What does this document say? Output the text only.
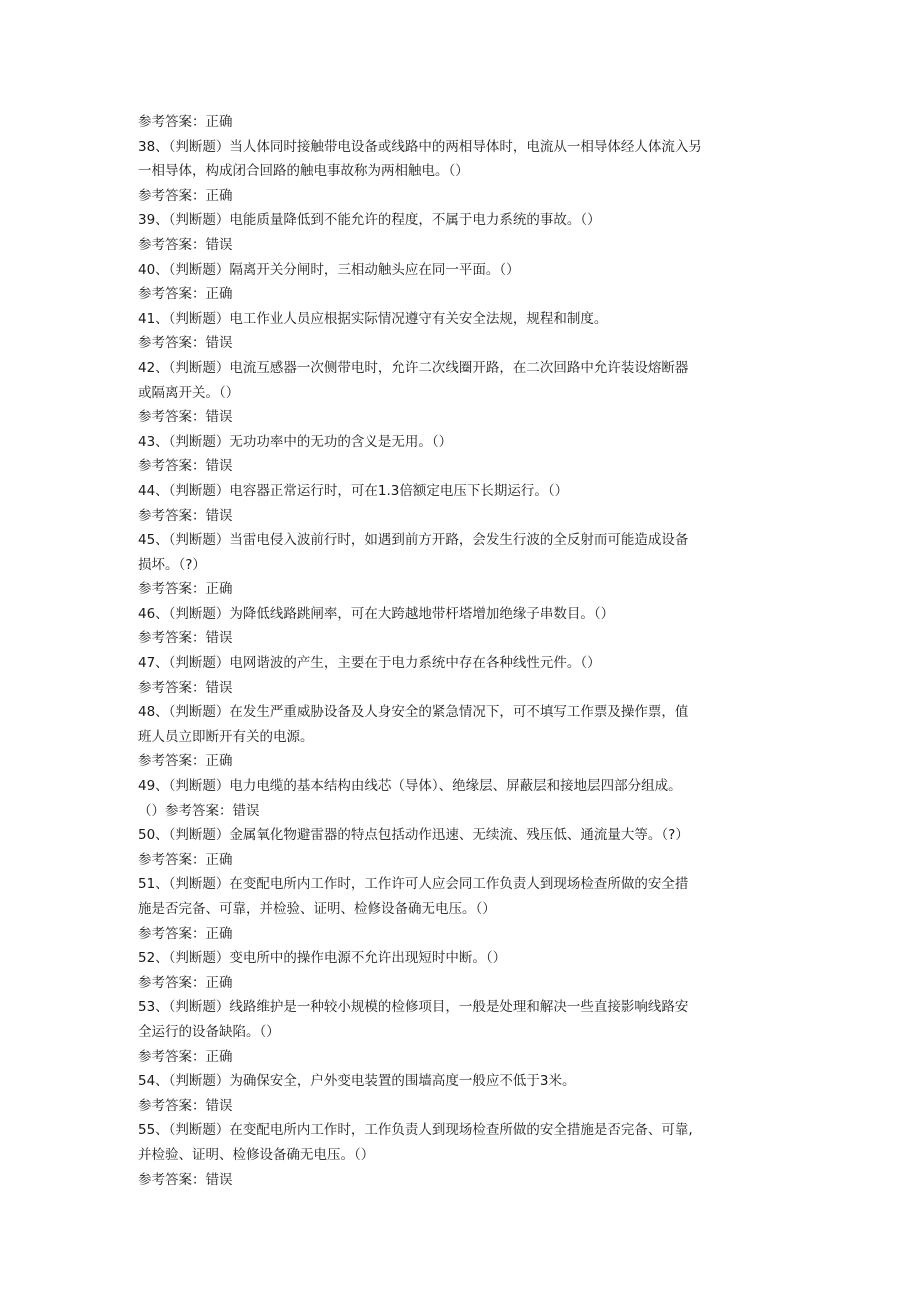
参考答案：正确
38、（判断题）当人体同时接触带电设备或线路中的两相导体时，电流从一相导体经人体流入另
一相导体，构成闭合回路的触电事故称为两相触电。（）
参考答案：正确
39、（判断题）电能质量降低到不能允许的程度，不属于电力系统的事故。（）
参考答案：错误
40、（判断题）隔离开关分闸时，三相动触头应在同一平面。（）
参考答案：正确
41、（判断题）电工作业人员应根据实际情况遵守有关安全法规，规程和制度。
参考答案：错误
42、（判断题）电流互感器一次侧带电时，允许二次线圈开路，在二次回路中允许装设熔断器
或隔离开关。（）
参考答案：错误
43、（判断题）无功功率中的无功的含义是无用。（）
参考答案：错误
44、（判断题）电容器正常运行时，可在1.3倍额定电压下长期运行。（）
参考答案：错误
45、（判断题）当雷电侵入波前行时，如遇到前方开路，会发生行波的全反射而可能造成设备
损坏。（?）
参考答案：正确
46、（判断题）为降低线路跳闸率，可在大跨越地带杆塔增加绝缘子串数目。（）
参考答案：错误
47、（判断题）电网谐波的产生，主要在于电力系统中存在各种线性元件。（）
参考答案：错误
48、（判断题）在发生严重威胁设备及人身安全的紧急情况下，可不填写工作票及操作票，值
班人员立即断开有关的电源。
参考答案：正确
49、（判断题）电力电缆的基本结构由线芯（导体）、绝缘层、屏蔽层和接地层四部分组成。
（）参考答案：错误
50、（判断题）金属氧化物避雷器的特点包括动作迅速、无续流、残压低、通流量大等。（?）
参考答案：正确
51、（判断题）在变配电所内工作时，工作许可人应会同工作负责人到现场检查所做的安全措
施是否完备、可靠，并检验、证明、检修设备确无电压。（）
参考答案：正确
52、（判断题）变电所中的操作电源不允许出现短时中断。（）
参考答案：正确
53、（判断题）线路维护是一种较小规模的检修项目，一般是处理和解决一些直接影响线路安
全运行的设备缺陷。（）
参考答案：正确
54、（判断题）为确保安全，户外变电装置的围墙高度一般应不低于3米。
参考答案：错误
55、（判断题）在变配电所内工作时，工作负责人到现场检查所做的安全措施是否完备、可靠,
并检验、证明、检修设备确无电压。（）
参考答案：错误
